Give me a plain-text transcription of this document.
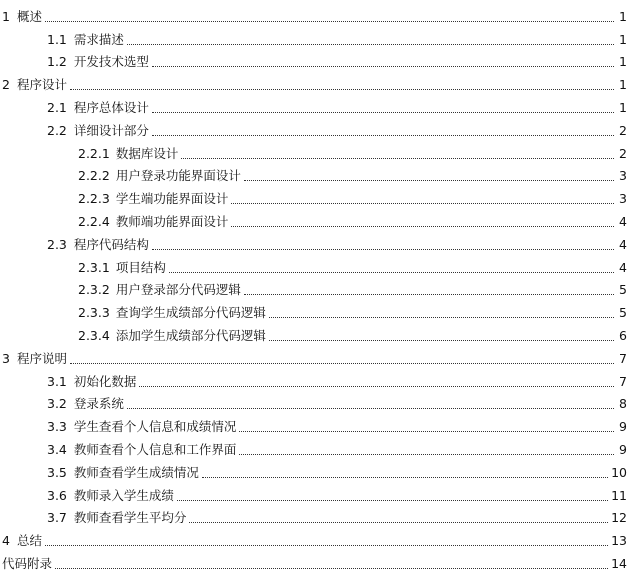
1 概述	1
1.1 需求描述	1
1.2 开发技术选型	1
2 程序设计	1
2.1 程序总体设计	1
2.2 详细设计部分	2
2.2.1 数据库设计	2
2.2.2 用户登录功能界面设计	3
2.2.3 学生端功能界面设计	3
2.2.4 教师端功能界面设计	4
2.3 程序代码结构	4
2.3.1 项目结构	4
2.3.2 用户登录部分代码逻辑	5
2.3.3 查询学生成绩部分代码逻辑	5
2.3.4 添加学生成绩部分代码逻辑	6
3 程序说明	7
3.1 初始化数据	7
3.2 登录系统	8
3.3 学生查看个人信息和成绩情况	9
3.4 教师查看个人信息和工作界面	9
3.5 教师查看学生成绩情况	10
3.6 教师录入学生成绩	11
3.7 教师查看学生平均分	12
4 总结	13
代码附录	14
